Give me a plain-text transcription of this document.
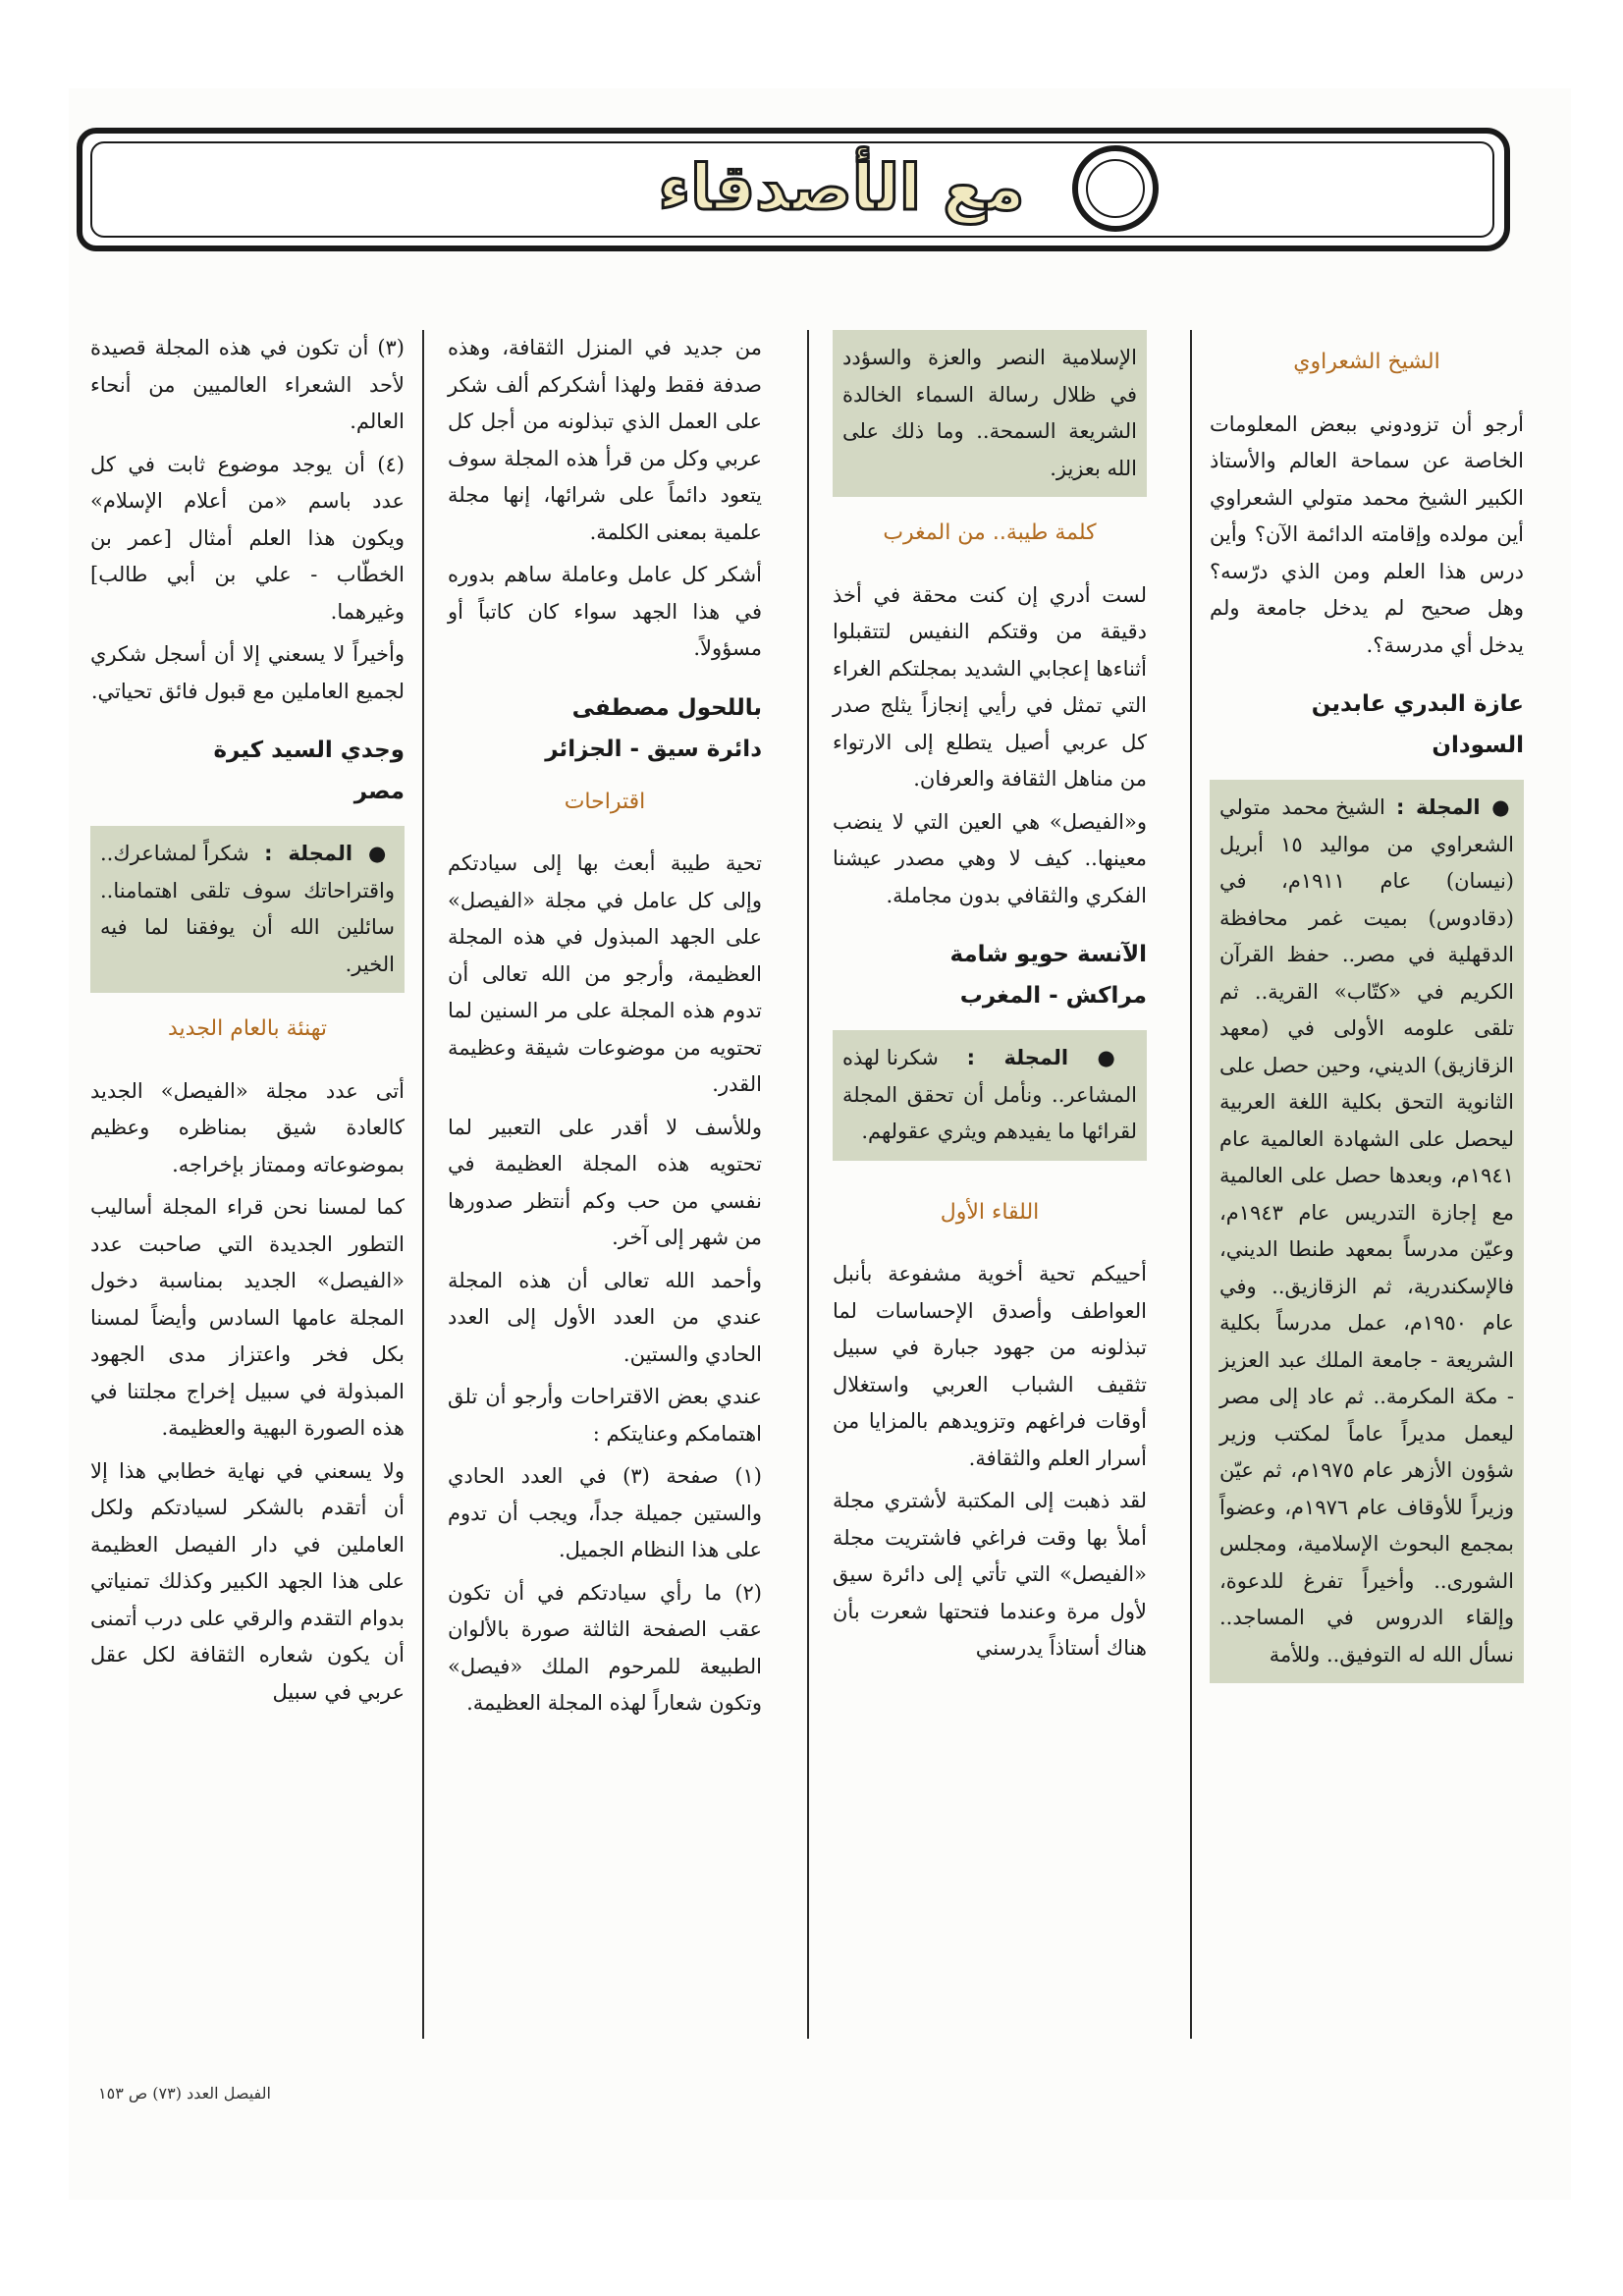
مع الأصدقاء
الشيخ الشعراوي

أرجو أن تزودوني ببعض المعلومات الخاصة عن سماحة العالم والأستاذ الكبير الشيخ محمد متولي الشعراوي أين مولده وإقامته الدائمة الآن؟ وأين درس هذا العلم ومن الذي درّسه؟ وهل صحيح لم يدخل جامعة ولم يدخل أي مدرسة؟.

عازة البدري عابدين
السودان
● المجلة : الشيخ محمد متولي الشعراوي من مواليد ١٥ أبريل (نيسان) عام ١٩١١م، في (دقادوس) بميت غمر محافظة الدقهلية في مصر.. حفظ القرآن الكريم في «كتّاب» القرية.. ثم تلقى علومه الأولى في (معهد الزقازيق) الديني، وحين حصل على الثانوية التحق بكلية اللغة العربية ليحصل على الشهادة العالمية عام ١٩٤١م، وبعدها حصل على العالمية مع إجازة التدريس عام ١٩٤٣م، وعيّن مدرساً بمعهد طنطا الديني، فالإسكندرية، ثم الزقازيق.. وفي عام ١٩٥٠م، عمل مدرساً بكلية الشريعة - جامعة الملك عبد العزيز - مكة المكرمة.. ثم عاد إلى مصر ليعمل مديراً عاماً لمكتب وزير شؤون الأزهر عام ١٩٧٥م، ثم عيّن وزيراً للأوقاف عام ١٩٧٦م، وعضواً بمجمع البحوث الإسلامية، ومجلس الشورى.. وأخيراً تفرغ للدعوة، وإلقاء الدروس في المساجد.. نسأل الله له التوفيق.. وللأمة
الإسلامية النصر والعزة والسؤدد في ظلال رسالة السماء الخالدة الشريعة السمحة.. وما ذلك على الله بعزيز.
كلمة طيبة.. من المغرب

لست أدري إن كنت محقة في أخذ دقيقة من وقتكم النفيس لتتقبلوا أثناءها إعجابي الشديد بمجلتكم الغراء التي تمثل في رأيي إنجازاً يثلج صدر كل عربي أصيل يتطلع إلى الارتواء من مناهل الثقافة والعرفان.

و«الفيصل» هي العين التي لا ينضب معينها.. كيف لا وهي مصدر عيشنا الفكري والثقافي بدون مجاملة.

الآنسة حويو شامة
مراكش - المغرب
● المجلة : شكرنا لهذه المشاعر.. ونأمل أن تحقق المجلة لقرائها ما يفيدهم ويثري عقولهم.
اللقاء الأول

أحييكم تحية أخوية مشفوعة بأنبل العواطف وأصدق الإحساسات لما تبذلونه من جهود جبارة في سبيل تثقيف الشباب العربي واستغلال أوقات فراغهم وتزويدهم بالمزايا من أسرار العلم والثقافة.

لقد ذهبت إلى المكتبة لأشتري مجلة أملأ بها وقت فراغي فاشتريت مجلة «الفيصل» التي تأتي إلى دائرة سيق لأول مرة وعندما فتحتها شعرت بأن هناك أستاذاً يدرسني

من جديد في المنزل الثقافة، وهذه صدفة فقط ولهذا أشكركم ألف شكر على العمل الذي تبذلونه من أجل كل عربي وكل من قرأ هذه المجلة سوف يتعود دائماً على شرائها، إنها مجلة علمية بمعنى الكلمة.

أشكر كل عامل وعاملة ساهم بدوره في هذا الجهد سواء كان كاتباً أو مسؤولاً.

باللحول مصطفى
دائرة سيق - الجزائر
اقتراحات

تحية طيبة أبعث بها إلى سيادتكم وإلى كل عامل في مجلة «الفيصل» على الجهد المبذول في هذه المجلة العظيمة، وأرجو من الله تعالى أن تدوم هذه المجلة على مر السنين لما تحتويه من موضوعات شيقة وعظيمة القدر.

وللأسف لا أقدر على التعبير لما تحتويه هذه المجلة العظيمة في نفسي من حب وكم أنتظر صدورها من شهر إلى آخر.

وأحمد الله تعالى أن هذه المجلة عندي من العدد الأول إلى العدد الحادي والستين.

عندي بعض الاقتراحات وأرجو أن تلق اهتمامكم وعنايتكم :

(١) صفحة (٣) في العدد الحادي والستين جميلة جداً، ويجب أن تدوم على هذا النظام الجميل.

(٢) ما رأي سيادتكم في أن تكون عقب الصفحة الثالثة صورة بالألوان الطبيعة للمرحوم الملك «فيصل» وتكون شعاراً لهذه المجلة العظيمة.

(٣) أن تكون في هذه المجلة قصيدة لأحد الشعراء العالميين من أنحاء العالم.

(٤) أن يوجد موضوع ثابت في كل عدد باسم «من أعلام الإسلام» ويكون هذا العلم أمثال [عمر بن الخطّاب - علي بن أبي طالب] وغيرهما.

وأخيراً لا يسعني إلا أن أسجل شكري لجميع العاملين مع قبول فائق تحياتي.

وجدي السيد كيرة
مصر
● المجلة : شكراً لمشاعرك.. واقتراحاتك سوف تلقى اهتمامنا.. سائلين الله أن يوفقنا لما فيه الخير.
تهنئة بالعام الجديد

أتى عدد مجلة «الفيصل» الجديد كالعادة شيق بمناظره وعظيم بموضوعاته وممتاز بإخراجه.

كما لمسنا نحن قراء المجلة أساليب التطور الجديدة التي صاحبت عدد «الفيصل» الجديد بمناسبة دخول المجلة عامها السادس وأيضاً لمسنا بكل فخر واعتزاز مدى الجهود المبذولة في سبيل إخراج مجلتنا في هذه الصورة البهية والعظيمة.

ولا يسعني في نهاية خطابي هذا إلا أن أتقدم بالشكر لسيادتكم ولكل العاملين في دار الفيصل العظيمة على هذا الجهد الكبير وكذلك تمنياتي بدوام التقدم والرقي على درب أتمنى أن يكون شعاره الثقافة لكل عقل عربي في سبيل

الفيصل العدد (٧٣) ص ١٥٣
